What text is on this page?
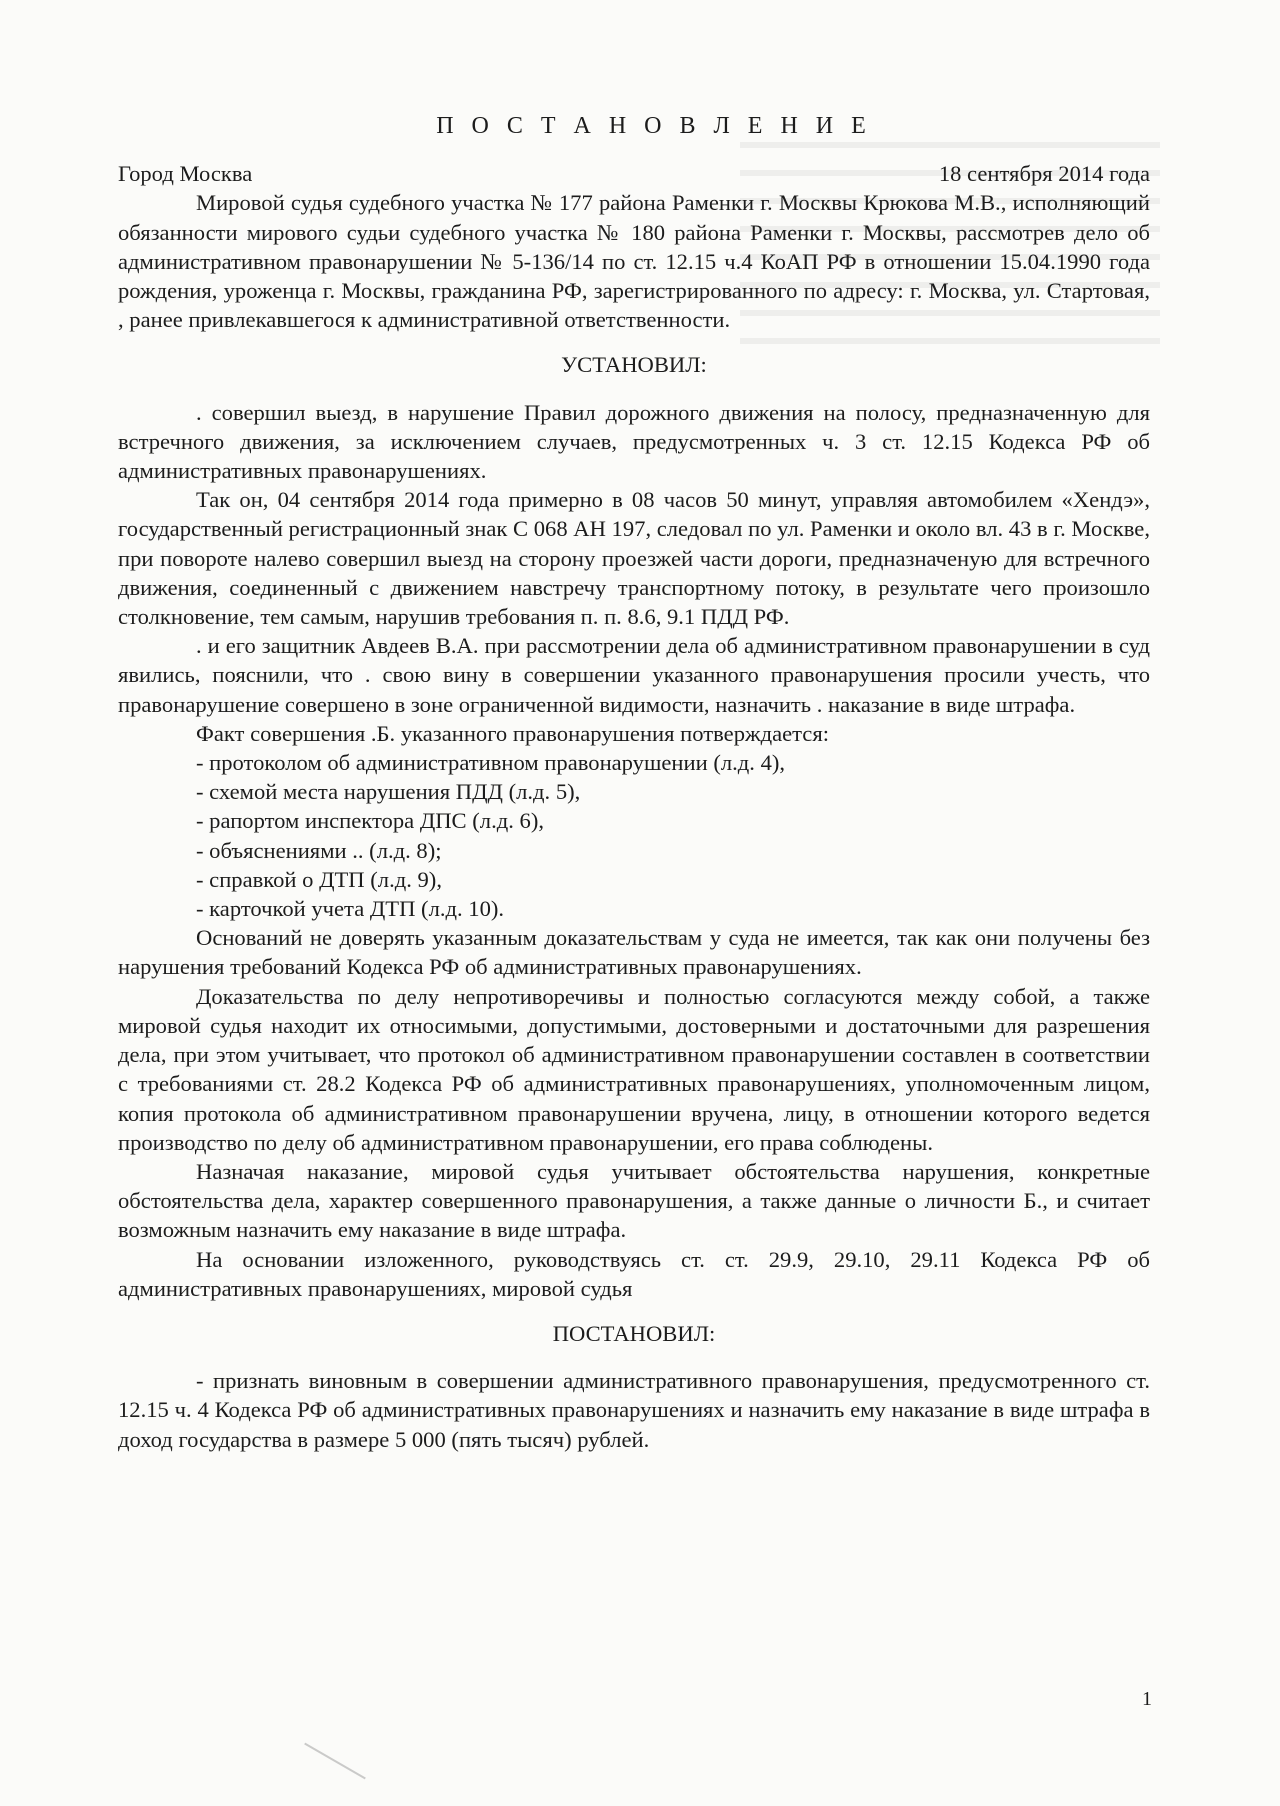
П О С Т А Н О В Л Е Н И Е
Город Москва	18 сентября 2014 года

Мировой судья судебного участка № 177 района Раменки г. Москвы Крюкова М.В., исполняющий обязанности мирового судьи судебного участка № 180 района Раменки г. Москвы, рассмотрев дело об административном правонарушении № 5-136/14 по ст. 12.15 ч.4 КоАП РФ в отношении 15.04.1990 года рождения, уроженца г. Москвы, гражданина РФ, зарегистрированного по адресу: г. Москва, ул. Стартовая, , ранее привлекавшегося к административной ответственности.

УСТАНОВИЛ:

. совершил выезд, в нарушение Правил дорожного движения на полосу, предназначенную для встречного движения, за исключением случаев, предусмотренных ч. 3 ст. 12.15 Кодекса РФ об административных правонарушениях.

Так он, 04 сентября 2014 года примерно в 08 часов 50 минут, управляя автомобилем «Хендэ», государственный регистрационный знак С 068 АН 197, следовал по ул. Раменки и около вл. 43 в г. Москве, при повороте налево совершил выезд на сторону проезжей части дороги, предназначеную для встречного движения, соединенный с движением навстречу транспортному потоку, в результате чего произошло столкновение, тем самым, нарушив требования п. п. 8.6, 9.1 ПДД РФ.

. и его защитник Авдеев В.А. при рассмотрении дела об административном правонарушении в суд явились, пояснили, что . свою вину в совершении указанного правонарушения просили учесть, что правонарушение совершено в зоне ограниченной видимости, назначить . наказание в виде штрафа.

Факт совершения .Б. указанного правонарушения потверждается:

- протоколом об административном правонарушении (л.д. 4),
- схемой места нарушения ПДД (л.д. 5),
- рапортом инспектора ДПС (л.д. 6),
- объяснениями .. (л.д. 8);
- справкой о ДТП (л.д. 9),
- карточкой учета ДТП (л.д. 10).

Оснований не доверять указанным доказательствам у суда не имеется, так как они получены без нарушения требований Кодекса РФ об административных правонарушениях.

Доказательства по делу непротиворечивы и полностью согласуются между собой, а также мировой судья находит их относимыми, допустимыми, достоверными и достаточными для разрешения дела, при этом учитывает, что протокол об административном правонарушении составлен в соответствии с требованиями ст. 28.2 Кодекса РФ об административных правонарушениях, уполномоченным лицом, копия протокола об административном правонарушении вручена, лицу, в отношении которого ведется производство по делу об административном правонарушении, его права соблюдены.

Назначая наказание, мировой судья учитывает обстоятельства нарушения, конкретные обстоятельства дела, характер совершенного правонарушения, а также данные о личности Б., и считает возможным назначить ему наказание в виде штрафа.

На основании изложенного, руководствуясь ст. ст. 29.9, 29.10, 29.11 Кодекса РФ об административных правонарушениях, мировой судья

ПОСТАНОВИЛ:

- признать виновным в совершении административного правонарушения, предусмотренного ст. 12.15 ч. 4 Кодекса РФ об административных правонарушениях и назначить ему наказание в виде штрафа в доход государства в размере 5 000 (пять тысяч) рублей.

1
